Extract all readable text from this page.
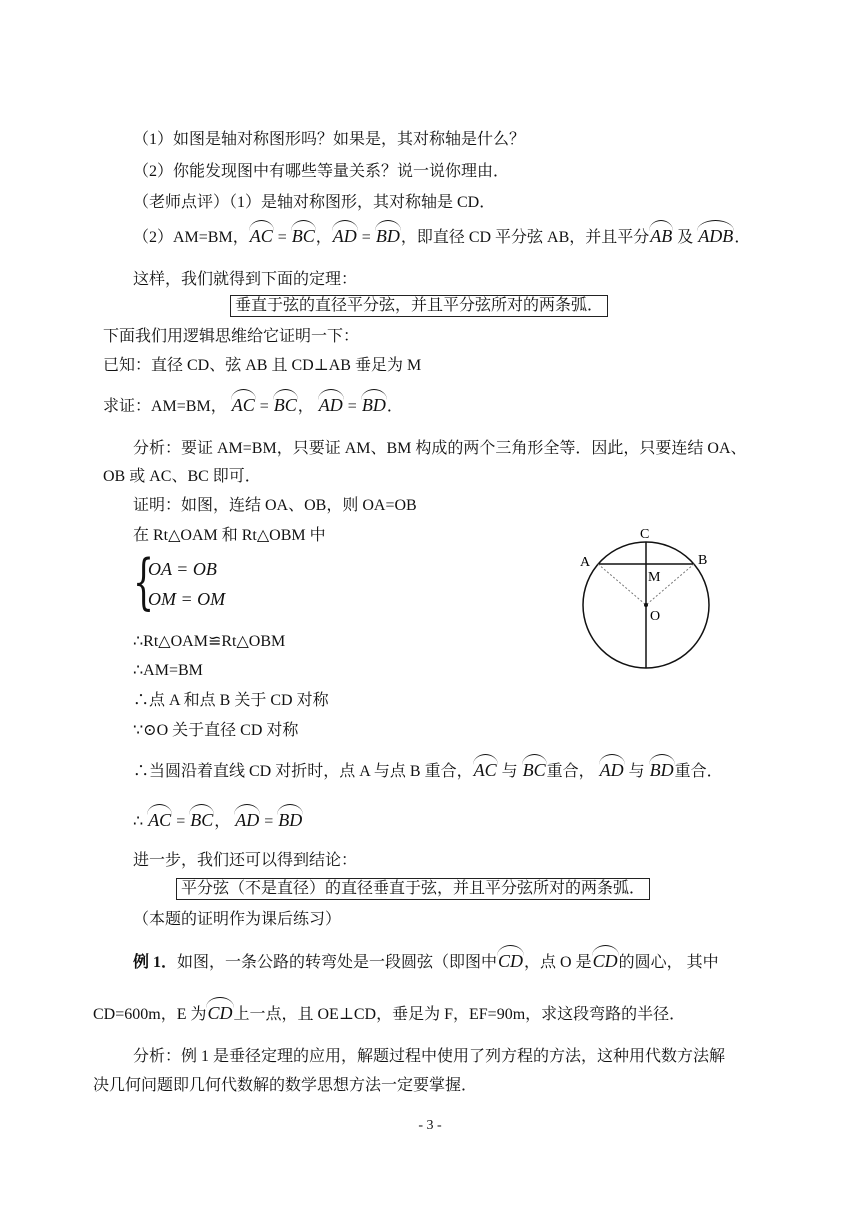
（1）如图是轴对称图形吗？如果是，其对称轴是什么？
（2）你能发现图中有哪些等量关系？说一说你理由．
（老师点评）（1）是轴对称图形，其对称轴是 CD．
（2）AM=BM，AC = BC，AD = BD，即直径 CD 平分弦 AB，并且平分AB 及 ADB．
这样，我们就得到下面的定理：
垂直于弦的直径平分弦，并且平分弦所对的两条弧．
下面我们用逻辑思维给它证明一下：
已知：直径 CD、弦 AB 且 CD⊥AB 垂足为 M
求证：AM=BM， AC = BC， AD = BD．
分析：要证 AM=BM，只要证 AM、BM 构成的两个三角形全等．因此，只要连结 OA、
OB 或 AC、BC 即可．
证明：如图，连结 OA、OB，则 OA=OB
在 Rt△OAM 和 Rt△OBM 中
{
OA = OB
OM = OM
∴Rt△OAM≌Rt△OBM
∴AM=BM
∴点 A 和点 B 关于 CD 对称
∵⊙O 关于直径 CD 对称
∴当圆沿着直线 CD 对折时，点 A 与点 B 重合，AC 与 BC重合， AD 与 BD重合．
∴ AC = BC， AD = BD
进一步，我们还可以得到结论：
平分弦（不是直径）的直径垂直于弦，并且平分弦所对的两条弧．
（本题的证明作为课后练习）
例 1．如图，一条公路的转弯处是一段圆弦（即图中CD，点 O 是CD的圆心， 其中
CD=600m，E 为CD上一点，且 OE⊥CD，垂足为 F，EF=90m，求这段弯路的半径．
分析：例 1 是垂径定理的应用，解题过程中使用了列方程的方法，这种用代数方法解
决几何问题即几何代数解的数学思想方法一定要掌握．
A	B
C
M
O
- 3 -
